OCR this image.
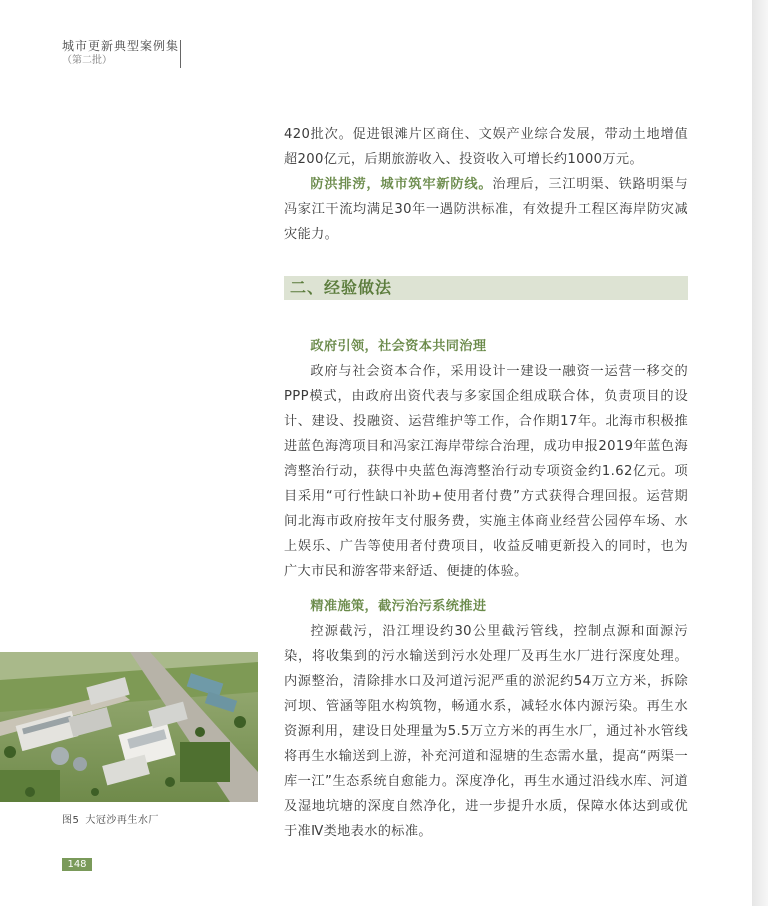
城市更新典型案例集
（第二批）

420批次。促进银滩片区商住、文娱产业综合发展，带动土地增值超200亿元，后期旅游收入、投资收入可增长约1000万元。

防洪排涝，城市筑牢新防线。治理后，三江明渠、铁路明渠与冯家江干流均满足30年一遇防洪标准，有效提升工程区海岸防灾减灾能力。

二、经验做法

政府引领，社会资本共同治理

政府与社会资本合作，采用设计一建设一融资一运营一移交的PPP模式，由政府出资代表与多家国企组成联合体，负责项目的设计、建设、投融资、运营维护等工作，合作期17年。北海市积极推进蓝色海湾项目和冯家江海岸带综合治理，成功申报2019年蓝色海湾整治行动，获得中央蓝色海湾整治行动专项资金约1.62亿元。项目采用“可行性缺口补助+使用者付费”方式获得合理回报。运营期间北海市政府按年支付服务费，实施主体商业经营公园停车场、水上娱乐、广告等使用者付费项目，收益反哺更新投入的同时，也为广大市民和游客带来舒适、便捷的体验。

精准施策，截污治污系统推进

控源截污，沿江埋设约30公里截污管线，控制点源和面源污染，将收集到的污水输送到污水处理厂及再生水厂进行深度处理。内源整治，清除排水口及河道污泥严重的淤泥约54万立方米，拆除河坝、管涵等阻水构筑物，畅通水系，减轻水体内源污染。再生水资源利用，建设日处理量为5.5万立方米的再生水厂，通过补水管线将再生水输送到上游，补充河道和湿塘的生态需水量，提高“两渠一库一江”生态系统自愈能力。深度净化，再生水通过沿线水库、河道及湿地坑塘的深度自然净化，进一步提升水质，保障水体达到或优于准Ⅳ类地表水的标准。

图5 大冠沙再生水厂
148
